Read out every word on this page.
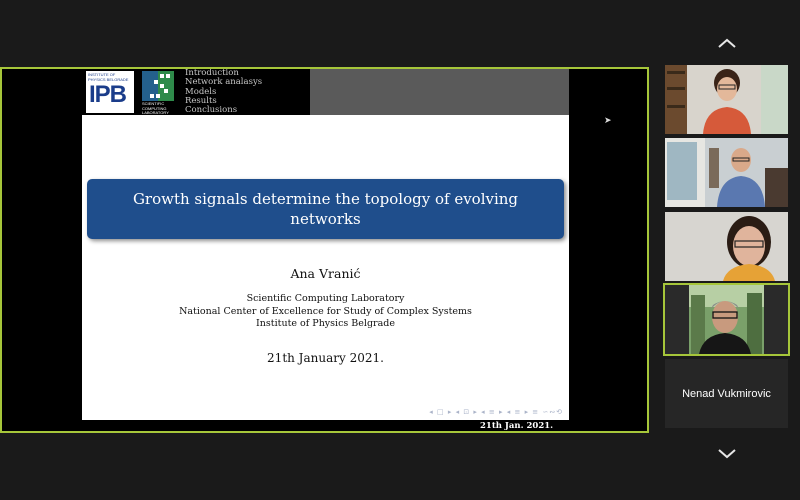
INSTITUTE OF PHYSICS BELGRADE
IPB	SCIENTIFIC
COMPUTING
LABORATORY
Introduction
Network analasys
Models
Results
Conclusions
Growth signals determine the topology of evolving networks
Ana Vranić
Scientific Computing Laboratory
National Center of Excellence for Study of Complex Systems
Institute of Physics Belgrade
21th January 2021.
◂ □ ▸ ◂ ⊡ ▸ ◂ ≡ ▸ ◂ ≡ ▸ ≡ ∽∾⟲
21th Jan. 2021.
➤
Nenad Vukmirovic
